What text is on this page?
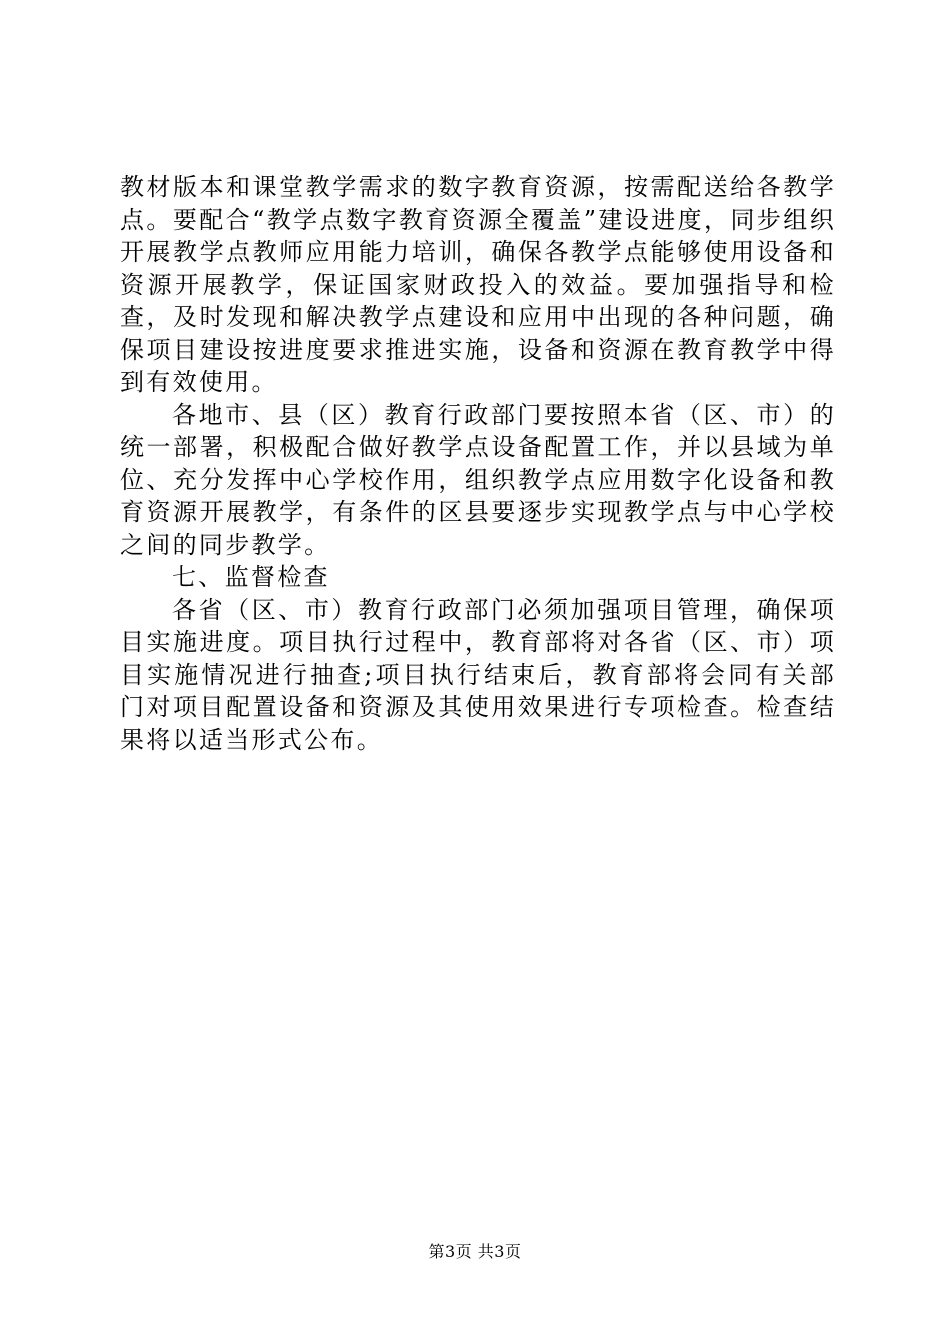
教材版本和课堂教学需求的数字教育资源，按需配送给各教学点。要配合“教学点数字教育资源全覆盖”建设进度，同步组织开展教学点教师应用能力培训，确保各教学点能够使用设备和资源开展教学，保证国家财政投入的效益。要加强指导和检查，及时发现和解决教学点建设和应用中出现的各种问题，确保项目建设按进度要求推进实施，设备和资源在教育教学中得到有效使用。

各地市、县（区）教育行政部门要按照本省（区、市）的统一部署，积极配合做好教学点设备配置工作，并以县域为单位、充分发挥中心学校作用，组织教学点应用数字化设备和教育资源开展教学，有条件的区县要逐步实现教学点与中心学校之间的同步教学。

七、监督检查

各省（区、市）教育行政部门必须加强项目管理，确保项目实施进度。项目执行过程中，教育部将对各省（区、市）项目实施情况进行抽查;项目执行结束后，教育部将会同有关部门对项目配置设备和资源及其使用效果进行专项检查。检查结果将以适当形式公布。

第3页 共3页
